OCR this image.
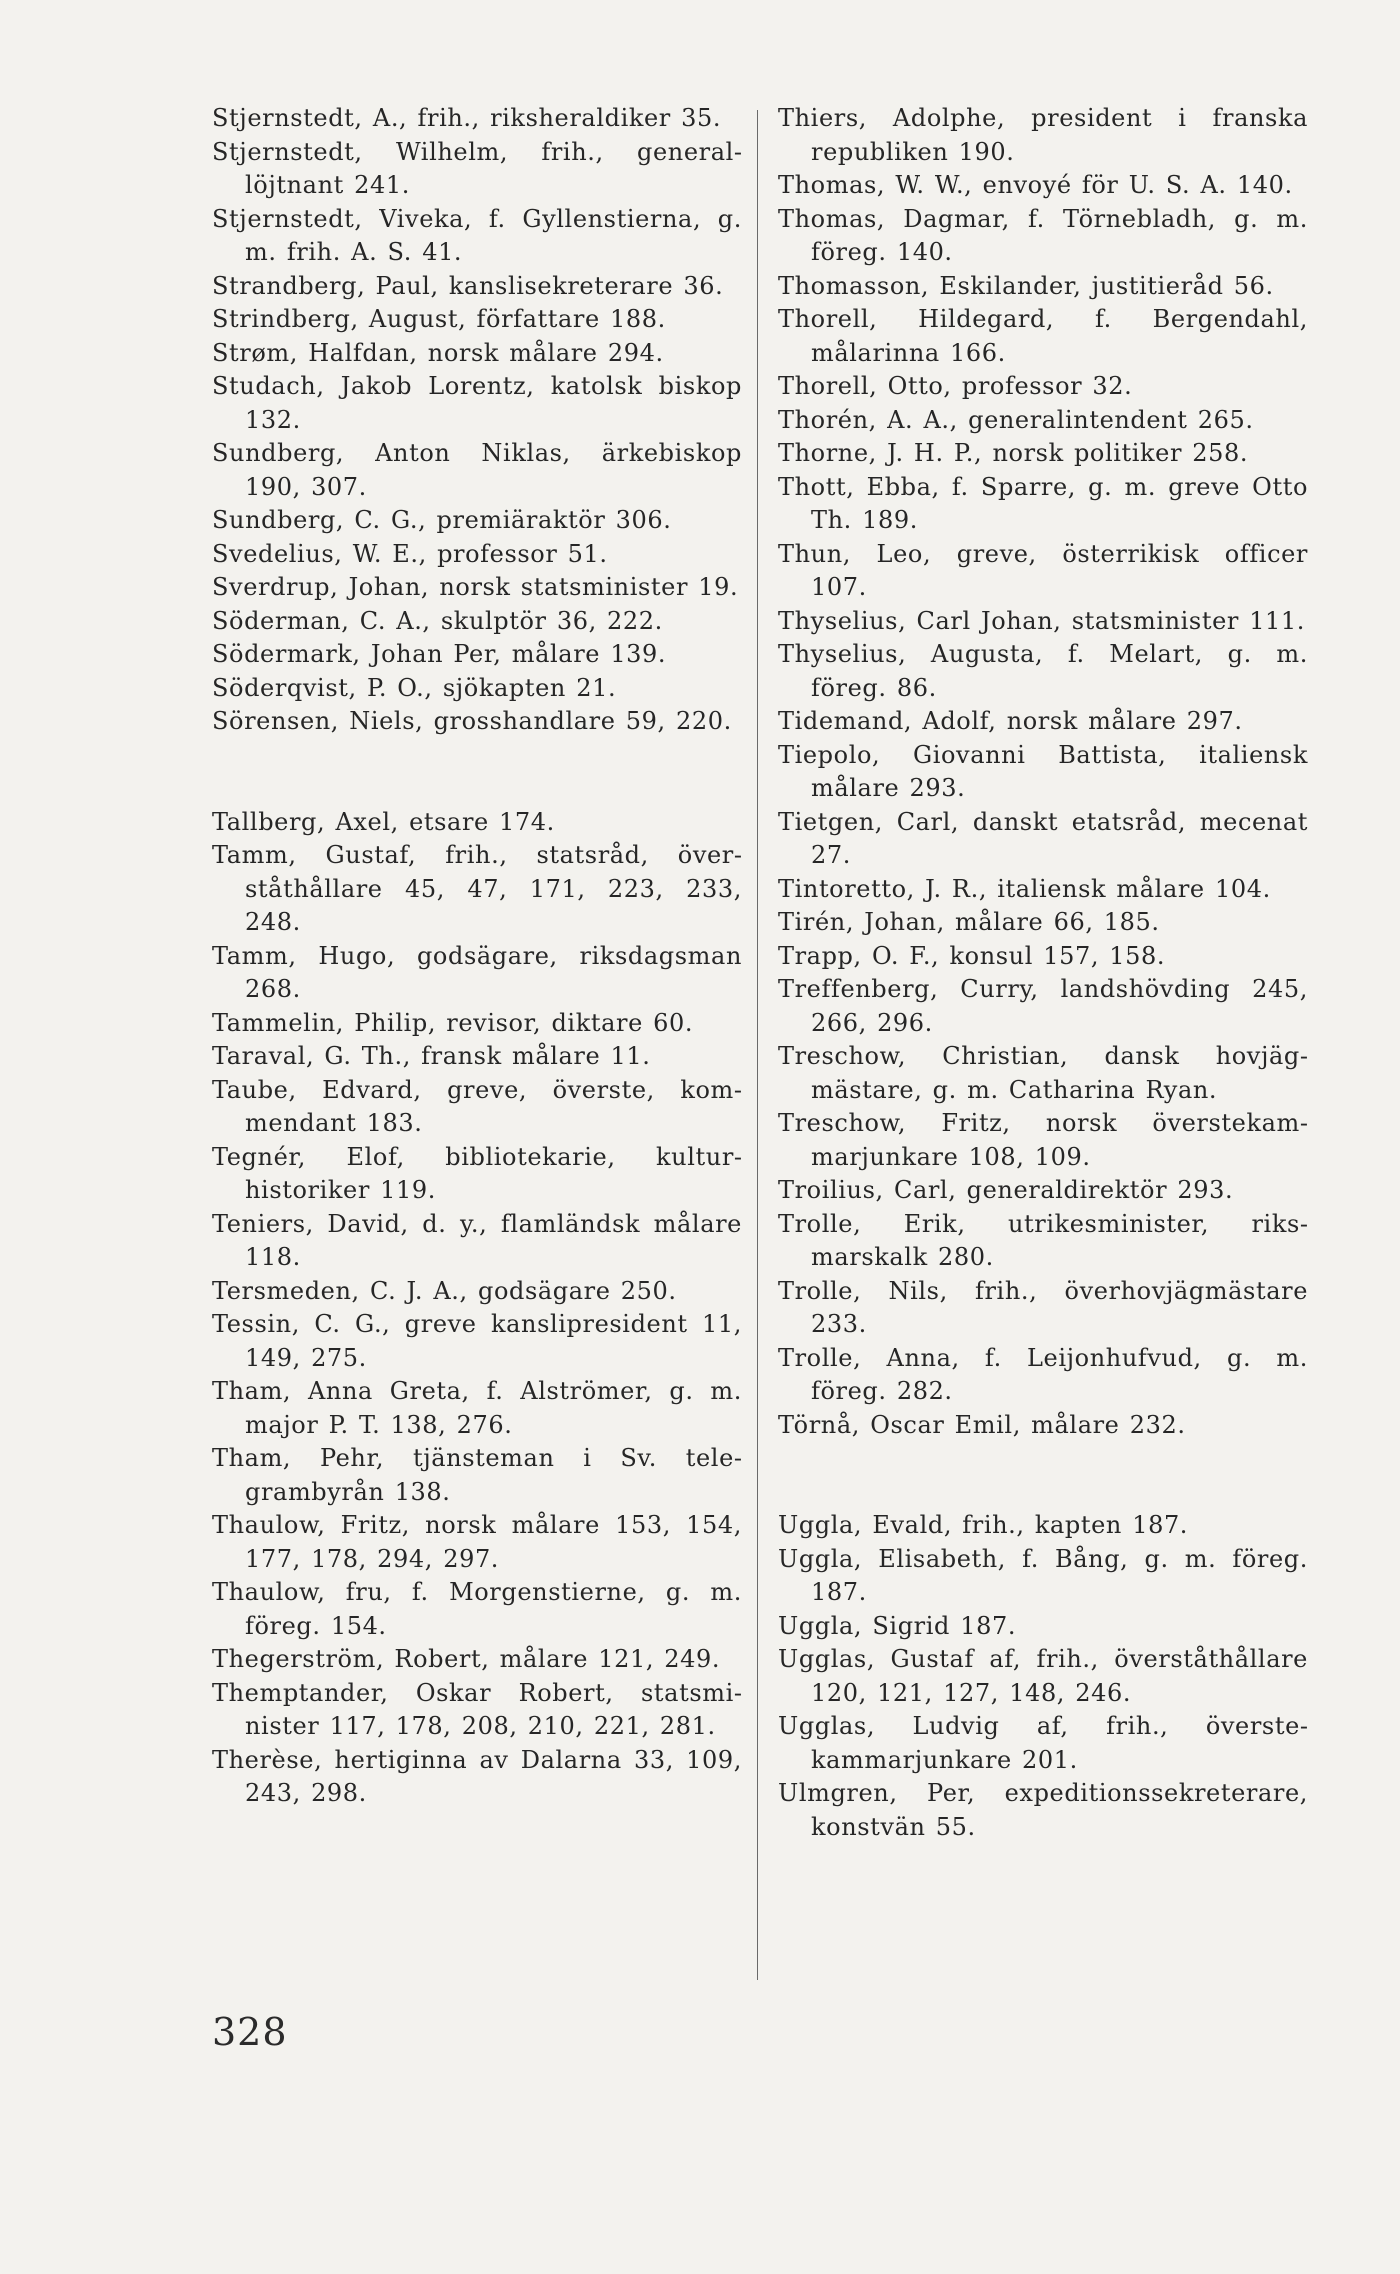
Stjernstedt, A., frih., riksheraldiker 35.
Stjernstedt, Wilhelm, frih., generallöjtnant 241.
Stjernstedt, Viveka, f. Gyllenstierna, g. m. frih. A. S. 41.
Strandberg, Paul, kanslisekreterare 36.
Strindberg, August, författare 188.
Strøm, Halfdan, norsk målare 294.
Studach, Jakob Lorentz, katolsk biskop 132.
Sundberg, Anton Niklas, ärkebiskop 190, 307.
Sundberg, C. G., premiäraktör 306.
Svedelius, W. E., professor 51.
Sverdrup, Johan, norsk statsminister 19.
Söderman, C. A., skulptör 36, 222.
Södermark, Johan Per, målare 139.
Söderqvist, P. O., sjökapten 21.
Sörensen, Niels, grosshandlare 59, 220.
Tallberg, Axel, etsare 174.
Tamm, Gustaf, frih., statsråd, överståthållare 45, 47, 171, 223, 233, 248.
Tamm, Hugo, godsägare, riksdagsman 268.
Tammelin, Philip, revisor, diktare 60.
Taraval, G. Th., fransk målare 11.
Taube, Edvard, greve, överste, kommendant 183.
Tegnér, Elof, bibliotekarie, kulturhistoriker 119.
Teniers, David, d. y., flamländsk målare 118.
Tersmeden, C. J. A., godsägare 250.
Tessin, C. G., greve kanslipresident 11, 149, 275.
Tham, Anna Greta, f. Alströmer, g. m. major P. T. 138, 276.
Tham, Pehr, tjänsteman i Sv. telegrambyrån 138.
Thaulow, Fritz, norsk målare 153, 154, 177, 178, 294, 297.
Thaulow, fru, f. Morgenstierne, g. m. föreg. 154.
Thegerström, Robert, målare 121, 249.
Themptander, Oskar Robert, statsminister 117, 178, 208, 210, 221, 281.
Therèse, hertiginna av Dalarna 33, 109, 243, 298.
Thiers, Adolphe, president i franska republiken 190.
Thomas, W. W., envoyé för U. S. A. 140.
Thomas, Dagmar, f. Törnebladh, g. m. föreg. 140.
Thomasson, Eskilander, justitieråd 56.
Thorell, Hildegard, f. Bergendahl, målarinna 166.
Thorell, Otto, professor 32.
Thorén, A. A., generalintendent 265.
Thorne, J. H. P., norsk politiker 258.
Thott, Ebba, f. Sparre, g. m. greve Otto Th. 189.
Thun, Leo, greve, österrikisk officer 107.
Thyselius, Carl Johan, statsminister 111.
Thyselius, Augusta, f. Melart, g. m. föreg. 86.
Tidemand, Adolf, norsk målare 297.
Tiepolo, Giovanni Battista, italiensk målare 293.
Tietgen, Carl, danskt etatsråd, mecenat 27.
Tintoretto, J. R., italiensk målare 104.
Tirén, Johan, målare 66, 185.
Trapp, O. F., konsul 157, 158.
Treffenberg, Curry, landshövding 245, 266, 296.
Treschow, Christian, dansk hovjägmästare, g. m. Catharina Ryan.
Treschow, Fritz, norsk överstekammarjunkare 108, 109.
Troilius, Carl, generaldirektör 293.
Trolle, Erik, utrikesminister, riksmarskalk 280.
Trolle, Nils, frih., överhovjägmästare 233.
Trolle, Anna, f. Leijonhufvud, g. m. föreg. 282.
Törnå, Oscar Emil, målare 232.
Uggla, Evald, frih., kapten 187.
Uggla, Elisabeth, f. Bång, g. m. föreg. 187.
Uggla, Sigrid 187.
Ugglas, Gustaf af, frih., överståthållare 120, 121, 127, 148, 246.
Ugglas, Ludvig af, frih., överstekammarjunkare 201.
Ulmgren, Per, expeditionssekreterare, konstvän 55.
328
